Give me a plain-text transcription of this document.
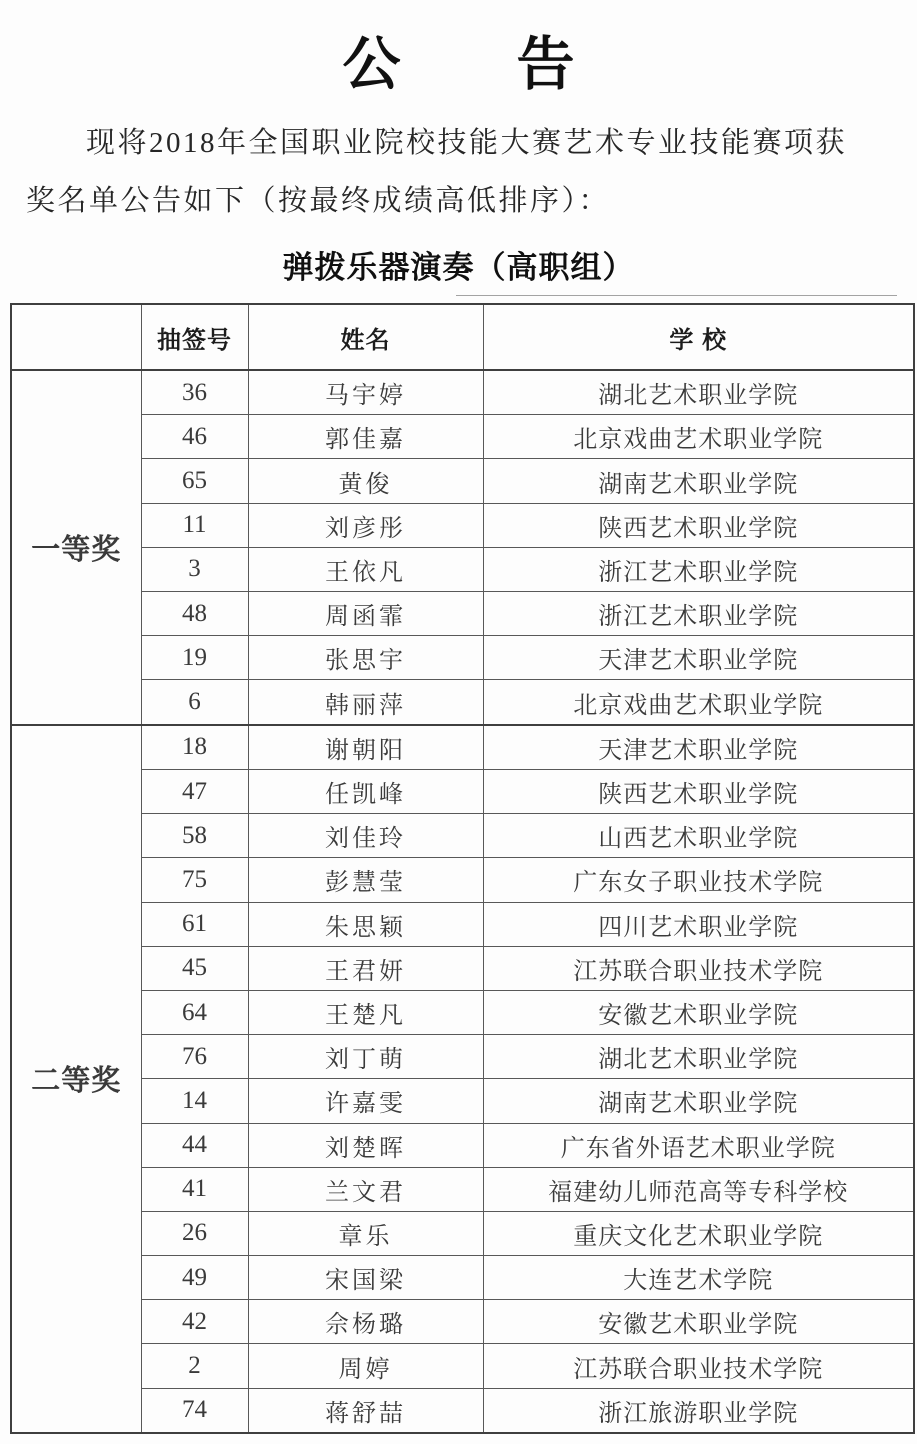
公　　告
现将2018年全国职业院校技能大赛艺术专业技能赛项获
奖名单公告如下（按最终成绩高低排序）：
弹拨乐器演奏（高职组）
	抽签号	姓名	学 校
一等奖	36	马宇婷	湖北艺术职业学院
	46	郭佳嘉	北京戏曲艺术职业学院
	65	黄俊	湖南艺术职业学院
	11	刘彦彤	陕西艺术职业学院
	3	王依凡	浙江艺术职业学院
	48	周函霏	浙江艺术职业学院
	19	张思宇	天津艺术职业学院
	6	韩丽萍	北京戏曲艺术职业学院
二等奖	18	谢朝阳	天津艺术职业学院
	47	任凯峰	陕西艺术职业学院
	58	刘佳玲	山西艺术职业学院
	75	彭慧莹	广东女子职业技术学院
	61	朱思颖	四川艺术职业学院
	45	王君妍	江苏联合职业技术学院
	64	王楚凡	安徽艺术职业学院
	76	刘丁萌	湖北艺术职业学院
	14	许嘉雯	湖南艺术职业学院
	44	刘楚晖	广东省外语艺术职业学院
	41	兰文君	福建幼儿师范高等专科学校
	26	章乐	重庆文化艺术职业学院
	49	宋国梁	大连艺术学院
	42	佘杨璐	安徽艺术职业学院
	2	周婷	江苏联合职业技术学院
	74	蒋舒喆	浙江旅游职业学院
